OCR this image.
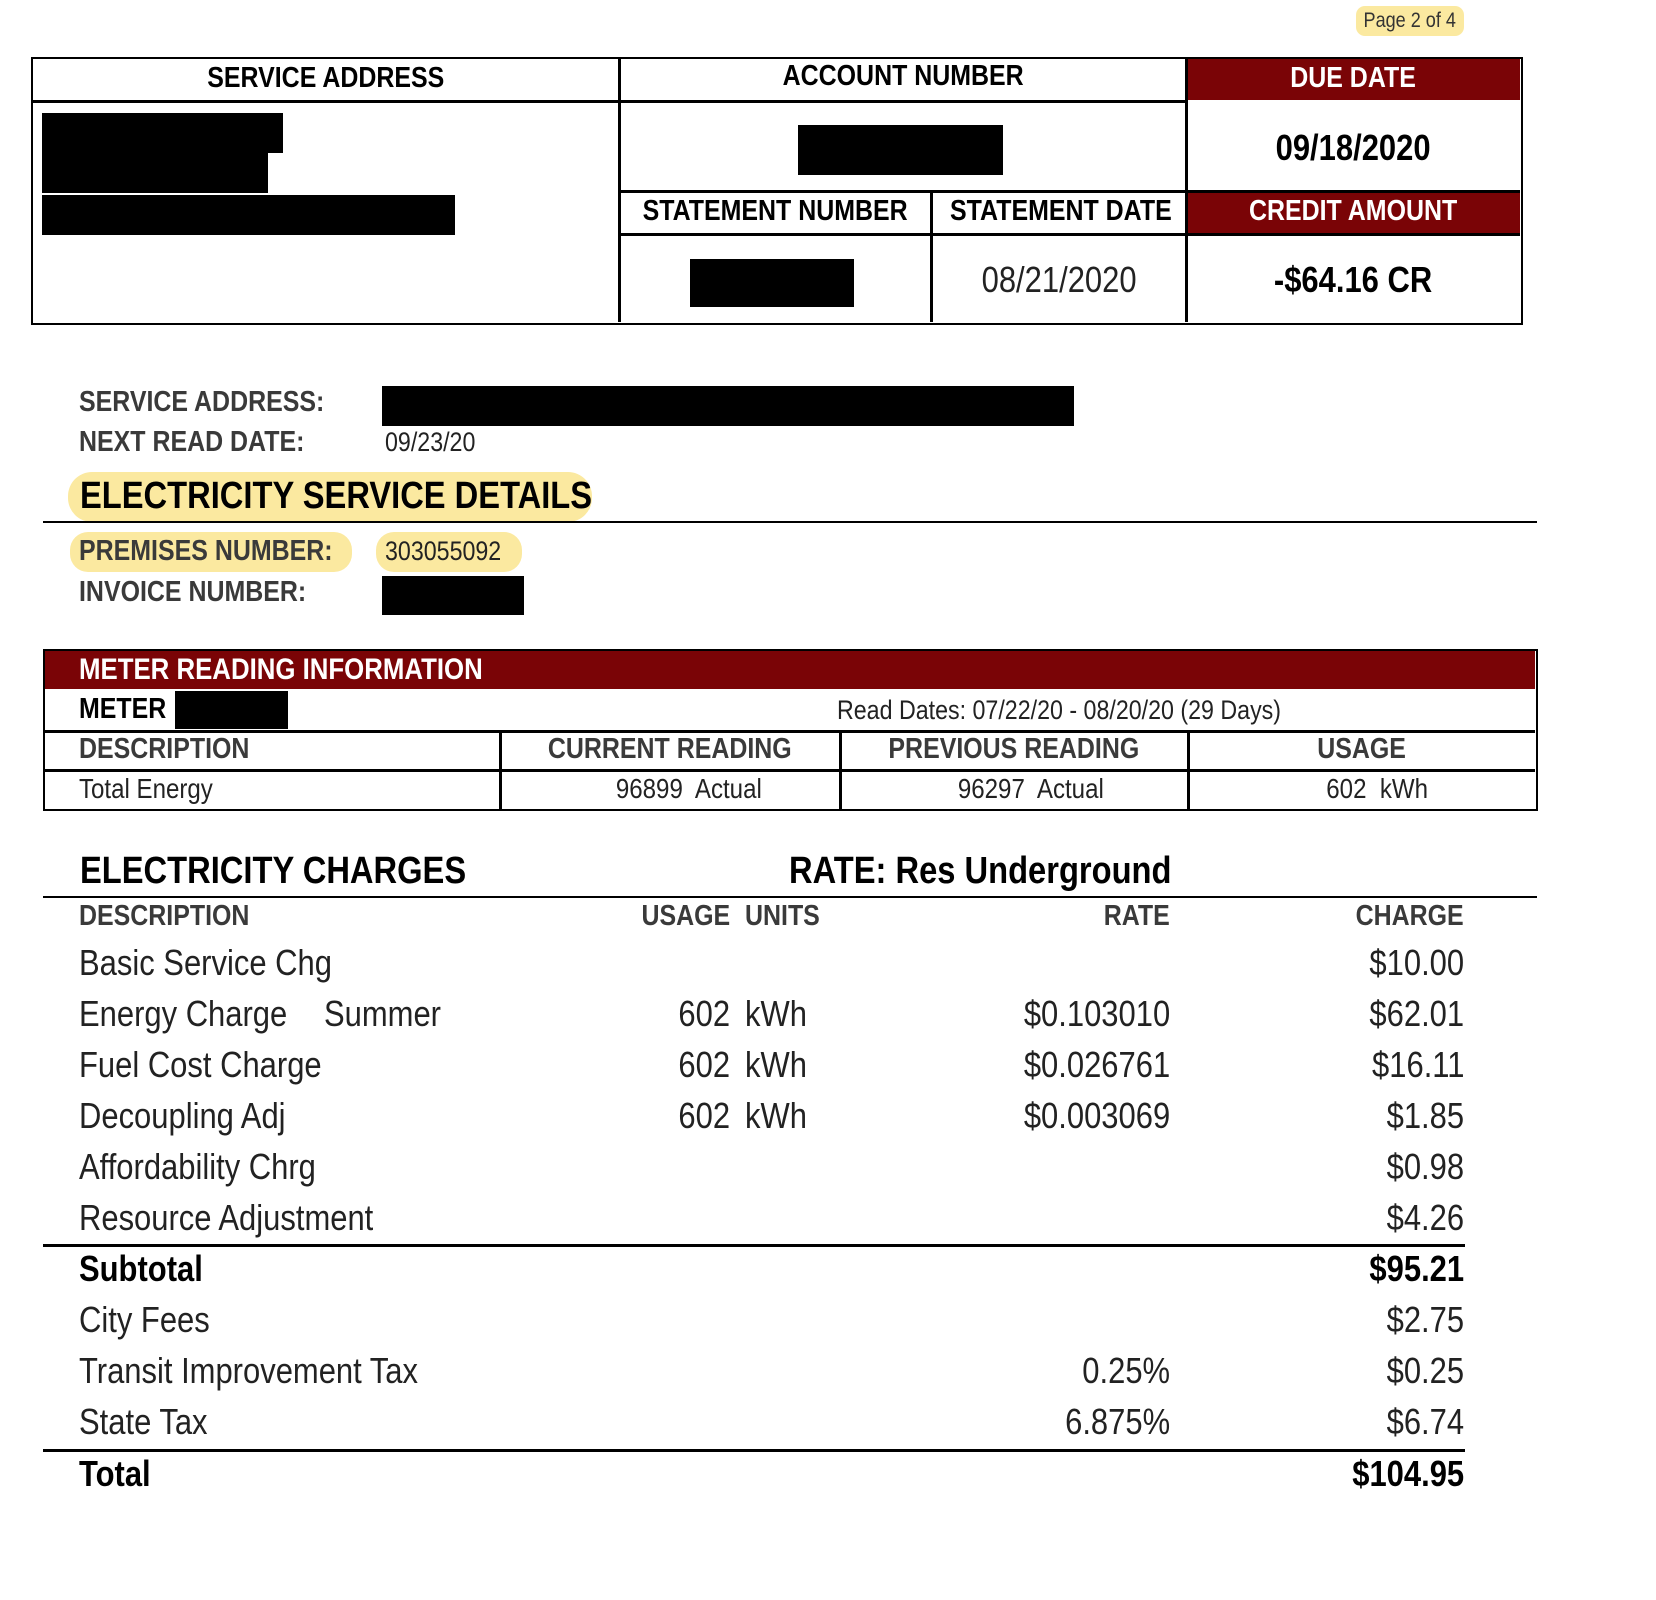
Page 2 of 4
SERVICE ADDRESS	ACCOUNT NUMBER	DUE DATE
STATEMENT NUMBER	STATEMENT DATE	CREDIT AMOUNT
09/18/2020
08/21/2020	-$64.16 CR
SERVICE ADDRESS:
NEXT READ DATE:	09/23/20
ELECTRICITY SERVICE DETAILS
PREMISES NUMBER:	303055092
INVOICE NUMBER:
METER READING INFORMATION
METER	Read Dates: 07/22/20 - 08/20/20 (29 Days)
DESCRIPTION	CURRENT READING	PREVIOUS READING	USAGE
Total Energy	96899  Actual	96297  Actual	602  kWh
ELECTRICITY CHARGES	RATE: Res Underground
DESCRIPTION	USAGE UNITS	RATE	CHARGE
Basic Service Chg	$10.00
Energy Charge	Summer	602 kWh	$0.103010	$62.01
Fuel Cost Charge	602 kWh	$0.026761	$16.11
Decoupling Adj	602 kWh	$0.003069	$1.85
Affordability Chrg	$0.98
Resource Adjustment	$4.26
Subtotal	$95.21
City Fees	$2.75
Transit Improvement Tax	0.25%	$0.25
State Tax	6.875%	$6.74
Total	$104.95
